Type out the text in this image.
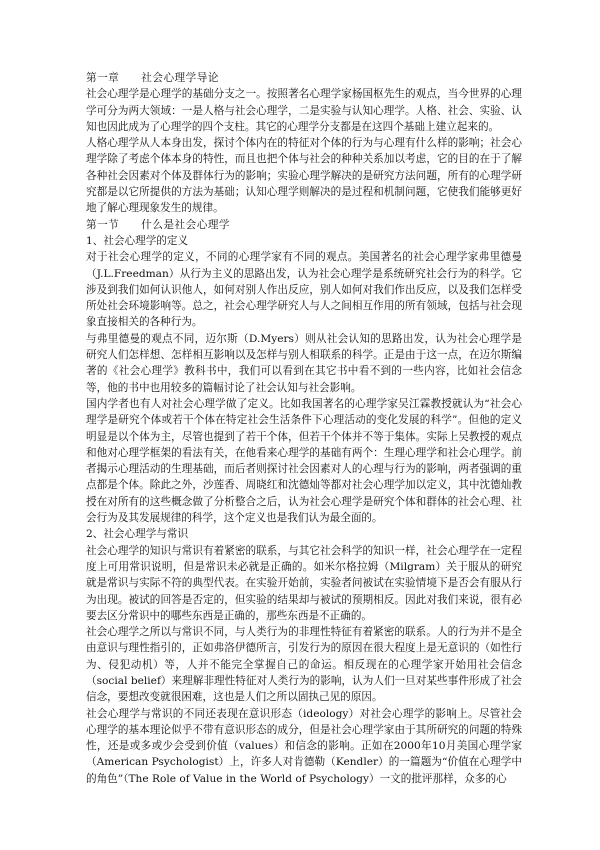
第一章 社会心理学导论

社会心理学是心理学的基础分支之一。按照著名心理学家杨国枢先生的观点，当今世界的心理学可分为两大领域：一是人格与社会心理学，二是实验与认知心理学。人格、社会、实验、认知也因此成为了心理学的四个支柱。其它的心理学分支都是在这四个基础上建立起来的。

人格心理学从人本身出发，探讨个体内在的特征对个体的行为与心理有什么样的影响；社会心理学除了考虑个体本身的特性，而且也把个体与社会的种种关系加以考虑，它的目的在于了解各种社会因素对个体及群体行为的影响；实验心理学解决的是研究方法问题，所有的心理学研究都是以它所提供的方法为基础；认知心理学则解决的是过程和机制问题，它使我们能够更好地了解心理现象发生的规律。

第一节 什么是社会心理学

1、社会心理学的定义

对于社会心理学的定义，不同的心理学家有不同的观点。美国著名的社会心理学家弗里德曼（J.L.Freedman）从行为主义的思路出发，认为社会心理学是系统研究社会行为的科学。它涉及到我们如何认识他人，如何对别人作出反应，别人如何对我们作出反应，以及我们怎样受所处社会环境影响等。总之，社会心理学研究人与人之间相互作用的所有领域，包括与社会现象直接相关的各种行为。

与弗里德曼的观点不同，迈尔斯（D.Myers）则从社会认知的思路出发，认为社会心理学是研究人们怎样想、怎样相互影响以及怎样与别人相联系的科学。正是由于这一点，在迈尔斯编著的《社会心理学》教科书中，我们可以看到在其它书中看不到的一些内容，比如社会信念等，他的书中也用较多的篇幅讨论了社会认知与社会影响。

国内学者也有人对社会心理学做了定义。比如我国著名的心理学家吴江霖教授就认为“社会心理学是研究个体或若干个体在特定社会生活条件下心理活动的变化发展的科学”。但他的定义明显是以个体为主，尽管也提到了若干个体，但若干个体并不等于集体。实际上吴教授的观点和他对心理学框架的看法有关，在他看来心理学的基础有两个：生理心理学和社会心理学。前者揭示心理活动的生理基础，而后者则探讨社会因素对人的心理与行为的影响，两者强调的重点都是个体。除此之外，沙莲香、周晓红和沈德灿等都对社会心理学加以定义，其中沈德灿教授在对所有的这些概念做了分析整合之后，认为社会心理学是研究个体和群体的社会心理、社会行为及其发展规律的科学，这个定义也是我们认为最全面的。

2、社会心理学与常识

社会心理学的知识与常识有着紧密的联系，与其它社会科学的知识一样，社会心理学在一定程度上可用常识说明，但是常识未必就是正确的。如米尔格拉姆（Milgram）关于服从的研究就是常识与实际不符的典型代表。在实验开始前，实验者问被试在实验情境下是否会有服从行为出现。被试的回答是否定的，但实验的结果却与被试的预期相反。因此对我们来说，很有必要去区分常识中的哪些东西是正确的，那些东西是不正确的。

社会心理学之所以与常识不同，与人类行为的非理性特征有着紧密的联系。人的行为并不是全由意识与理性指引的，正如弗洛伊德所言，引发行为的原因在很大程度上是无意识的（如性行为、侵犯动机）等，人并不能完全掌握自己的命运。相反现在的心理学家开始用社会信念（social belief）来理解非理性特征对人类行为的影响，认为人们一旦对某些事件形成了社会信念，要想改变就很困难，这也是人们之所以固执己见的原因。

社会心理学与常识的不同还表现在意识形态（ideology）对社会心理学的影响上。尽管社会心理学的基本理论似乎不带有意识形态的成分，但是社会心理学家由于其所研究的问题的特殊性，还是或多或少会受到价值（values）和信念的影响。正如在2000年10月美国心理学家（American Psychologist）上，许多人对肯德勒（Kendler）的一篇题为“价值在心理学中的角色”（The Role of Value in the World of Psychology）一文的批评那样，众多的心
